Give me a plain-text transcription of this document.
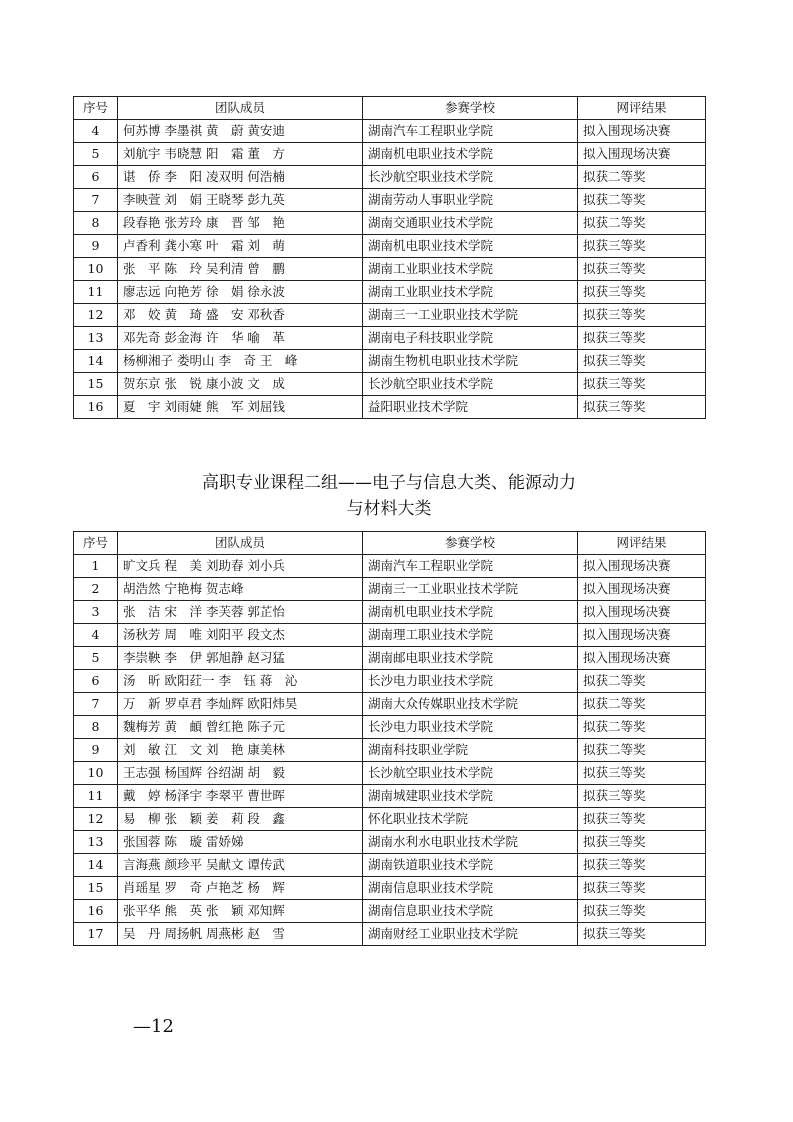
序号	团队成员	参赛学校	网评结果
4	何苏博 李墨祺 黄　蔚 黄安迪	湖南汽车工程职业学院	拟入围现场决赛
5	刘航宇 韦晓慧 阳　霜 董　方	湖南机电职业技术学院	拟入围现场决赛
6	谌　侨 李　阳 凌双明 何浩楠	长沙航空职业技术学院	拟获二等奖
7	李映萱 刘　娟 王晓琴 彭九英	湖南劳动人事职业学院	拟获二等奖
8	段春艳 张芳玲 康　晋 邹　艳	湖南交通职业技术学院	拟获二等奖
9	卢香利 龚小寒 叶　霜 刘　萌	湖南机电职业技术学院	拟获三等奖
10	张　平 陈　玲 吴利清 曾　鹏	湖南工业职业技术学院	拟获三等奖
11	廖志远 向艳芳 徐　娟 徐永波	湖南工业职业技术学院	拟获三等奖
12	邓　姣 黄　琦 盛　安 邓秋香	湖南三一工业职业技术学院	拟获三等奖
13	邓先奇 彭金海 许　华 喻　革	湖南电子科技职业学院	拟获三等奖
14	杨柳湘子 娄明山 李　奇 王　峰	湖南生物机电职业技术学院	拟获三等奖
15	贺东京 张　锐 康小波 文　成	长沙航空职业技术学院	拟获三等奖
16	夏　宇 刘雨婕 熊　军 刘屈钱	益阳职业技术学院	拟获三等奖
高职专业课程二组——电子与信息大类、能源动力
与材料大类
序号	团队成员	参赛学校	网评结果
1	旷文兵 程　美 刘助春 刘小兵	湖南汽车工程职业学院	拟入围现场决赛
2	胡浩然 宁艳梅 贺志峰	湖南三一工业职业技术学院	拟入围现场决赛
3	张　洁 宋　洋 李芙蓉 郭芷怡	湖南机电职业技术学院	拟入围现场决赛
4	汤秋芳 周　唯 刘阳平 段文杰	湖南理工职业技术学院	拟入围现场决赛
5	李崇鞅 李　伊 郭旭静 赵习猛	湖南邮电职业技术学院	拟入围现场决赛
6	汤　昕 欧阳荭一 李　钰 蒋　沁	长沙电力职业技术学院	拟获二等奖
7	万　新 罗卓君 李灿辉 欧阳炜昊	湖南大众传媒职业技术学院	拟获二等奖
8	魏梅芳 黄　頔 曾红艳 陈子元	长沙电力职业技术学院	拟获二等奖
9	刘　敏 江　文 刘　艳 康美林	湖南科技职业学院	拟获二等奖
10	王志强 杨国辉 谷绍湖 胡　毅	长沙航空职业技术学院	拟获三等奖
11	戴　婷 杨泽宇 李翠平 曹世晖	湖南城建职业技术学院	拟获三等奖
12	易　柳 张　颖 姜　莉 段　鑫	怀化职业技术学院	拟获三等奖
13	张国蓉 陈　璇 雷娇娣	湖南水利水电职业技术学院	拟获三等奖
14	言海燕 颜珍平 吴献文 谭传武	湖南铁道职业技术学院	拟获三等奖
15	肖瑶星 罗　奇 卢艳芝 杨　辉	湖南信息职业技术学院	拟获三等奖
16	张平华 熊　英 张　颖 邓知辉	湖南信息职业技术学院	拟获三等奖
17	吴　丹 周扬帆 周燕彬 赵　雪	湖南财经工业职业技术学院	拟获三等奖
—12
